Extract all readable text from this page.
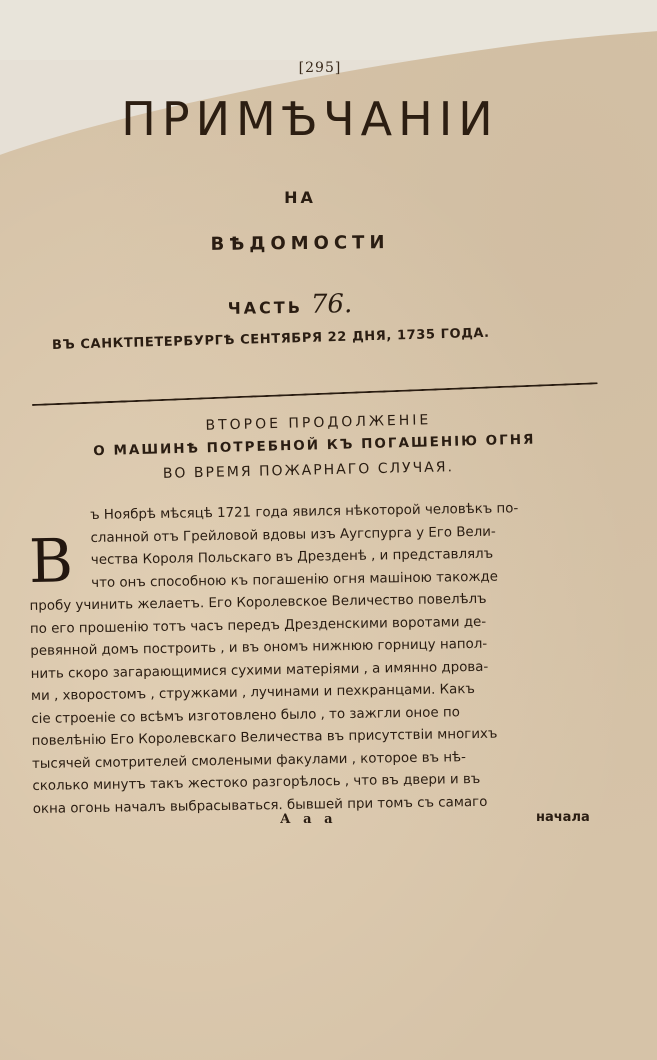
[295]
ПРИМѢЧАНIИ
НА
ВѢДОМОСТИ
ЧАСТЬ 76.
ВЪ САНКТПЕТЕРБУРГѢ СЕНТЯБРЯ 22 ДНЯ, 1735 ГОДА.
ВТОРОЕ ПРОДОЛЖЕНIЕ
О МАШИНѢ ПОТРЕБНОЙ КЪ ПОГАШЕНIЮ ОГНЯ
ВО ВРЕМЯ ПОЖАРНАГО СЛУЧАЯ.
В
ъ Ноябрѣ мѣсяцѣ 1721 года явился нѣкоторой человѣкъ по-
сланной отъ Грейловой вдовы изъ Аугспурга у Его Вели-
чества Короля Польскаго въ Дрезденѣ , и представлялъ
что онъ способною къ погашенiю огня машiною такожде
пробу учинить желаетъ. Его Королевское Величество повелѣлъ
по его прошенiю тотъ часъ передъ Дрезденскими воротами де-
ревянной домъ построить , и въ ономъ нижнюю горницу напол-
нить скоро загарающимися сухими матерiями , а имянно дрова-
ми , хворостомъ , стружками , лучинами и пехкранцами. Какъ
сiе строенiе со всѣмъ изготовлено было , то зажгли оное по
повелѣнiю Его Королевскаго Величества въ присутствiи многихъ
тысячей смотрителей смолеными факулами , которое въ нѣ-
сколько минутъ такъ жестоко разгорѣлось , что въ двери и въ
окна огонь началъ выбрасываться. бывшей при томъ съ самаго
А а а	начала
